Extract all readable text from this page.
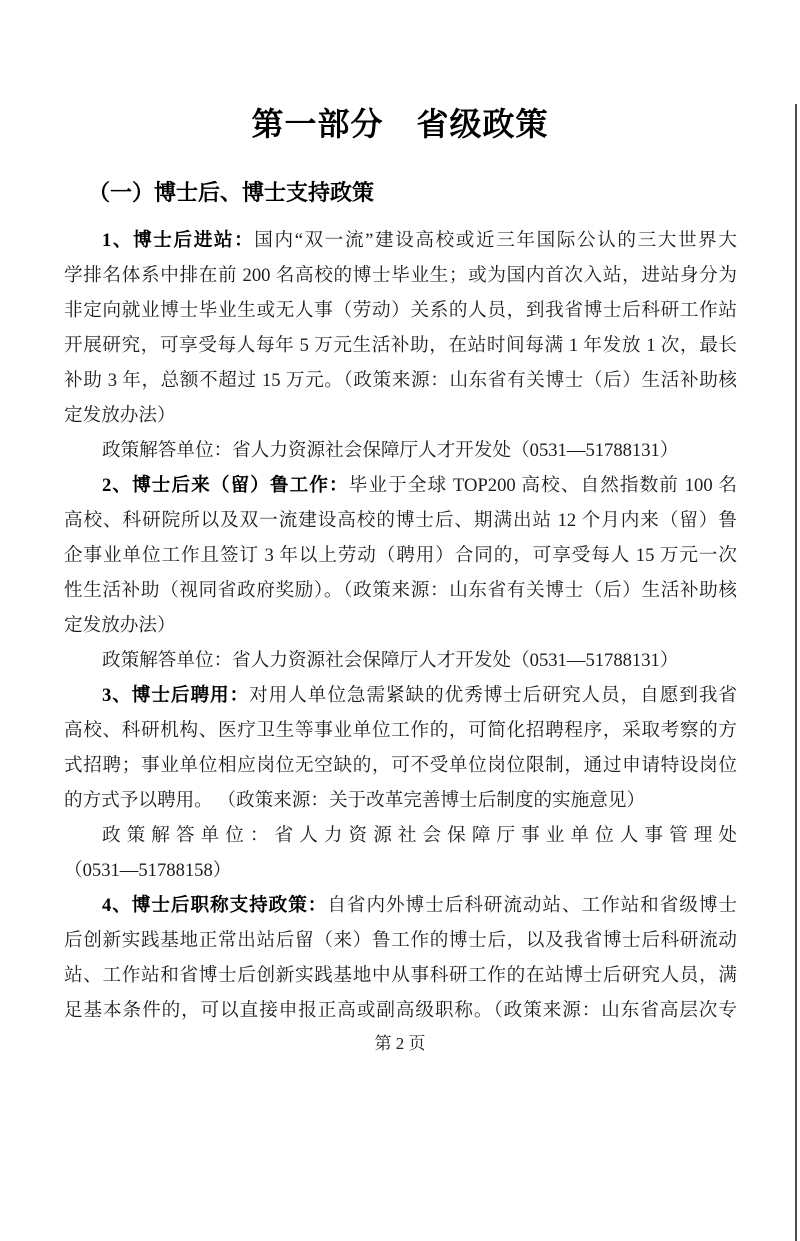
第一部分　省级政策
（一）博士后、博士支持政策
1、博士后进站：国内“双一流”建设高校或近三年国际公认的三大世界大
学排名体系中排在前 200 名高校的博士毕业生；或为国内首次入站，进站身分为
非定向就业博士毕业生或无人事（劳动）关系的人员，到我省博士后科研工作站
开展研究，可享受每人每年 5 万元生活补助，在站时间每满 1 年发放 1 次，最长
补助 3 年，总额不超过 15 万元。（政策来源：山东省有关博士（后）生活补助核
定发放办法）
政策解答单位：省人力资源社会保障厅人才开发处（0531—51788131）
2、博士后来（留）鲁工作：毕业于全球 TOP200 高校、自然指数前 100 名
高校、科研院所以及双一流建设高校的博士后、期满出站 12 个月内来（留）鲁
企事业单位工作且签订 3 年以上劳动（聘用）合同的，可享受每人 15 万元一次
性生活补助（视同省政府奖励）。（政策来源：山东省有关博士（后）生活补助核
定发放办法）
政策解答单位：省人力资源社会保障厅人才开发处（0531—51788131）
3、博士后聘用：对用人单位急需紧缺的优秀博士后研究人员，自愿到我省
高校、科研机构、医疗卫生等事业单位工作的，可简化招聘程序，采取考察的方
式招聘；事业单位相应岗位无空缺的，可不受单位岗位限制，通过申请特设岗位
的方式予以聘用。 （政策来源：关于改革完善博士后制度的实施意见）
政策解答单位：省人力资源社会保障厅事业单位人事管理处
（0531—51788158）
4、博士后职称支持政策：自省内外博士后科研流动站、工作站和省级博士
后创新实践基地正常出站后留（来）鲁工作的博士后，以及我省博士后科研流动
站、工作站和省博士后创新实践基地中从事科研工作的在站博士后研究人员，满
足基本条件的，可以直接申报正高或副高级职称。（政策来源：山东省高层次专
第 2 页
